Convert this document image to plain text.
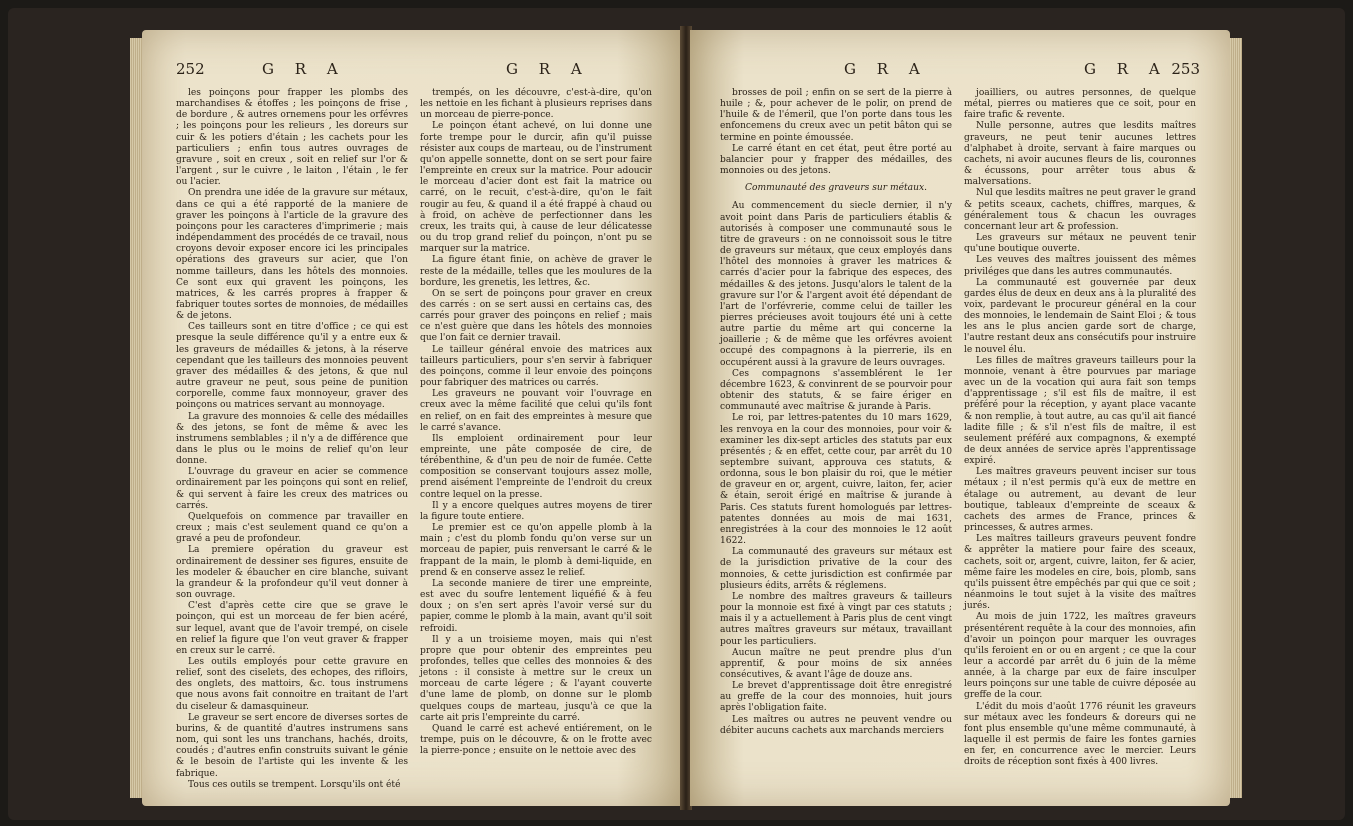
252	G R A	G R A

les poinçons pour frapper les plombs des marchandises & étoffes ; les poinçons de frise , de bordure , & autres ornemens pour les orfévres ; les poinçons pour les relieurs , les doreurs sur cuir & les potiers d'étain ; les cachets pour les particuliers ; enfin tous autres ouvrages de gravure , soit en creux , soit en relief sur l'or & l'argent , sur le cuivre , le laiton , l'étain , le fer ou l'acier.

On prendra une idée de la gravure sur métaux, dans ce qui a été rapporté de la maniere de graver les poinçons à l'article de la gravure des poinçons pour les caracteres d'imprimerie ; mais indépendamment des procédés de ce travail, nous croyons devoir exposer encore ici les principales opérations des graveurs sur acier, que l'on nomme tailleurs, dans les hôtels des monnoies. Ce sont eux qui gravent les poinçons, les matrices, & les carrés propres à frapper & fabriquer toutes sortes de monnoies, de médailles & de jetons.

Ces tailleurs sont en titre d'office ; ce qui est presque la seule différence qu'il y a entre eux & les graveurs de médailles & jetons, à la réserve cependant que les tailleurs des monnoies peuvent graver des médailles & des jetons, & que nul autre graveur ne peut, sous peine de punition corporelle, comme faux monnoyeur, graver des poinçons ou matrices servant au monnoyage.

La gravure des monnoies & celle des médailles & des jetons, se font de même & avec les instrumens semblables ; il n'y a de différence que dans le plus ou le moins de relief qu'on leur donne.

L'ouvrage du graveur en acier se commence ordinairement par les poinçons qui sont en relief, & qui servent à faire les creux des matrices ou carrés.

Quelquefois on commence par travailler en creux ; mais c'est seulement quand ce qu'on a gravé a peu de profondeur.

La premiere opération du graveur est ordinairement de dessiner ses figures, ensuite de les modeler & ébaucher en cire blanche, suivant la grandeur & la profondeur qu'il veut donner à son ouvrage.

C'est d'après cette cire que se grave le poinçon, qui est un morceau de fer bien acéré, sur lequel, avant que de l'avoir trempé, on cisele en relief la figure que l'on veut graver & frapper en creux sur le carré.

Les outils employés pour cette gravure en relief, sont des ciselets, des echopes, des rifloirs, des onglets, des mattoirs, &c. tous instrumens que nous avons fait connoitre en traitant de l'art du ciseleur & damasquineur.

Le graveur se sert encore de diverses sortes de burins, & de quantité d'autres instrumens sans nom, qui sont les uns tranchans, hachés, droits, coudés ; d'autres enfin construits suivant le génie & le besoin de l'artiste qui les invente & les fabrique.

Tous ces outils se trempent. Lorsqu'ils ont été

trempés, on les découvre, c'est-à-dire, qu'on les nettoie en les fichant à plusieurs reprises dans un morceau de pierre-ponce.

Le poinçon étant achevé, on lui donne une forte trempe pour le durcir, afin qu'il puisse résister aux coups de marteau, ou de l'instrument qu'on appelle sonnette, dont on se sert pour faire l'empreinte en creux sur la matrice. Pour adoucir le morceau d'acier dont est fait la matrice ou carré, on le recuit, c'est-à-dire, qu'on le fait rougir au feu, & quand il a été frappé à chaud ou à froid, on achève de perfectionner dans les creux, les traits qui, à cause de leur délicatesse ou du trop grand relief du poinçon, n'ont pu se marquer sur la matrice.

La figure étant finie, on achève de graver le reste de la médaille, telles que les moulures de la bordure, les grenetis, les lettres, &c.

On se sert de poinçons pour graver en creux des carrés : on se sert aussi en certains cas, des carrés pour graver des poinçons en relief ; mais ce n'est guère que dans les hôtels des monnoies que l'on fait ce dernier travail.

Le tailleur général envoie des matrices aux tailleurs particuliers, pour s'en servir à fabriquer des poinçons, comme il leur envoie des poinçons pour fabriquer des matrices ou carrés.

Les graveurs ne pouvant voir l'ouvrage en creux avec la même facilité que celui qu'ils font en relief, on en fait des empreintes à mesure que le carré s'avance.

Ils emploient ordinairement pour leur empreinte, une pâte composée de cire, de térébenthine, & d'un peu de noir de fumée. Cette composition se conservant toujours assez molle, prend aisément l'empreinte de l'endroit du creux contre lequel on la presse.

Il y a encore quelques autres moyens de tirer la figure toute entiere.

Le premier est ce qu'on appelle plomb à la main ; c'est du plomb fondu qu'on verse sur un morceau de papier, puis renversant le carré & le frappant de la main, le plomb à demi-liquide, en prend & en conserve assez le relief.

La seconde maniere de tirer une empreinte, est avec du soufre lentement liquéfié & à feu doux ; on s'en sert après l'avoir versé sur du papier, comme le plomb à la main, avant qu'il soit refroidi.

Il y a un troisieme moyen, mais qui n'est propre que pour obtenir des empreintes peu profondes, telles que celles des monnoies & des jetons : il consiste à mettre sur le creux un morceau de carte légere ; & l'ayant couverte d'une lame de plomb, on donne sur le plomb quelques coups de marteau, jusqu'à ce que la carte ait pris l'empreinte du carré.

Quand le carré est achevé entiérement, on le trempe, puis on le découvre, & on le frotte avec la pierre-ponce ; ensuite on le nettoie avec des

G R A	G R A 253

brosses de poil ; enfin on se sert de la pierre à huile ; &, pour achever de le polir, on prend de l'huile & de l'émeril, que l'on porte dans tous les enfoncemens du creux avec un petit bâton qui se termine en pointe émoussée.

Le carré étant en cet état, peut être porté au balancier pour y frapper des médailles, des monnoies ou des jetons.

Communauté des graveurs sur métaux.

Au commencement du siecle dernier, il n'y avoit point dans Paris de particuliers établis & autorisés à composer une communauté sous le titre de graveurs : on ne connoissoit sous le titre de graveurs sur métaux, que ceux employés dans l'hôtel des monnoies à graver les matrices & carrés d'acier pour la fabrique des especes, des médailles & des jetons. Jusqu'alors le talent de la gravure sur l'or & l'argent avoit été dépendant de l'art de l'orfévrerie, comme celui de tailler les pierres précieuses avoit toujours été uni à cette autre partie du même art qui concerne la joaillerie ; & de même que les orfévres avoient occupé des compagnons à la pierrerie, ils en occupérent aussi à la gravure de leurs ouvrages.

Ces compagnons s'assemblérent le 1er décembre 1623, & convinrent de se pourvoir pour obtenir des statuts, & se faire ériger en communauté avec maîtrise & jurande à Paris.

Le roi, par lettres-patentes du 10 mars 1629, les renvoya en la cour des monnoies, pour voir & examiner les dix-sept articles des statuts par eux présentés ; & en effet, cette cour, par arrêt du 10 septembre suivant, approuva ces statuts, & ordonna, sous le bon plaisir du roi, que le métier de graveur en or, argent, cuivre, laiton, fer, acier & étain, seroit érigé en maîtrise & jurande à Paris. Ces statuts furent homologués par lettres-patentes données au mois de mai 1631, enregistrées à la cour des monnoies le 12 août 1622.

La communauté des graveurs sur métaux est de la jurisdiction privative de la cour des monnoies, & cette jurisdiction est confirmée par plusieurs édits, arrêts & réglemens.

Le nombre des maîtres graveurs & tailleurs pour la monnoie est fixé à vingt par ces statuts ; mais il y a actuellement à Paris plus de cent vingt autres maîtres graveurs sur métaux, travaillant pour les particuliers.

Aucun maître ne peut prendre plus d'un apprentif, & pour moins de six années consécutives, & avant l'âge de douze ans.

Le brevet d'apprentissage doit être enregistré au greffe de la cour des monnoies, huit jours après l'obligation faite.

Les maîtres ou autres ne peuvent vendre ou débiter aucuns cachets aux marchands merciers

joailliers, ou autres personnes, de quelque métal, pierres ou matieres que ce soit, pour en faire trafic & revente.

Nulle personne, autres que lesdits maîtres graveurs, ne peut tenir aucunes lettres d'alphabet à droite, servant à faire marques ou cachets, ni avoir aucunes fleurs de lis, couronnes & écussons, pour arrêter tous abus & malversations.

Nul que lesdits maîtres ne peut graver le grand & petits sceaux, cachets, chiffres, marques, & généralement tous & chacun les ouvrages concernant leur art & profession.

Les graveurs sur métaux ne peuvent tenir qu'une boutique ouverte.

Les veuves des maîtres jouissent des mêmes priviléges que dans les autres communautés.

La communauté est gouvernée par deux gardes élus de deux en deux ans à la pluralité des voix, pardevant le procureur général en la cour des monnoies, le lendemain de Saint Eloi ; & tous les ans le plus ancien garde sort de charge, l'autre restant deux ans consécutifs pour instruire le nouvel élu.

Les filles de maîtres graveurs tailleurs pour la monnoie, venant à être pourvues par mariage avec un de la vocation qui aura fait son temps d'apprentissage ; s'il est fils de maître, il est préféré pour la réception, y ayant place vacante & non remplie, à tout autre, au cas qu'il ait fiancé ladite fille ; & s'il n'est fils de maître, il est seulement préféré aux compagnons, & exempté de deux années de service après l'apprentissage expiré.

Les maîtres graveurs peuvent inciser sur tous métaux ; il n'est permis qu'à eux de mettre en étalage ou autrement, au devant de leur boutique, tableaux d'empreinte de sceaux & cachets des armes de France, princes & princesses, & autres armes.

Les maîtres tailleurs graveurs peuvent fondre & apprêter la matiere pour faire des sceaux, cachets, soit or, argent, cuivre, laiton, fer & acier, même faire les modeles en cire, bois, plomb, sans qu'ils puissent être empêchés par qui que ce soit ; néanmoins le tout sujet à la visite des maîtres jurés.

Au mois de juin 1722, les maîtres graveurs présentérent requête à la cour des monnoies, afin d'avoir un poinçon pour marquer les ouvrages qu'ils feroient en or ou en argent ; ce que la cour leur a accordé par arrêt du 6 juin de la même année, à la charge par eux de faire insculper leurs poinçons sur une table de cuivre déposée au greffe de la cour.

L'édit du mois d'août 1776 réunit les graveurs sur métaux avec les fondeurs & doreurs qui ne font plus ensemble qu'une même communauté, à laquelle il est permis de faire les fontes garnies en fer, en concurrence avec le mercier. Leurs droits de réception sont fixés à 400 livres.
